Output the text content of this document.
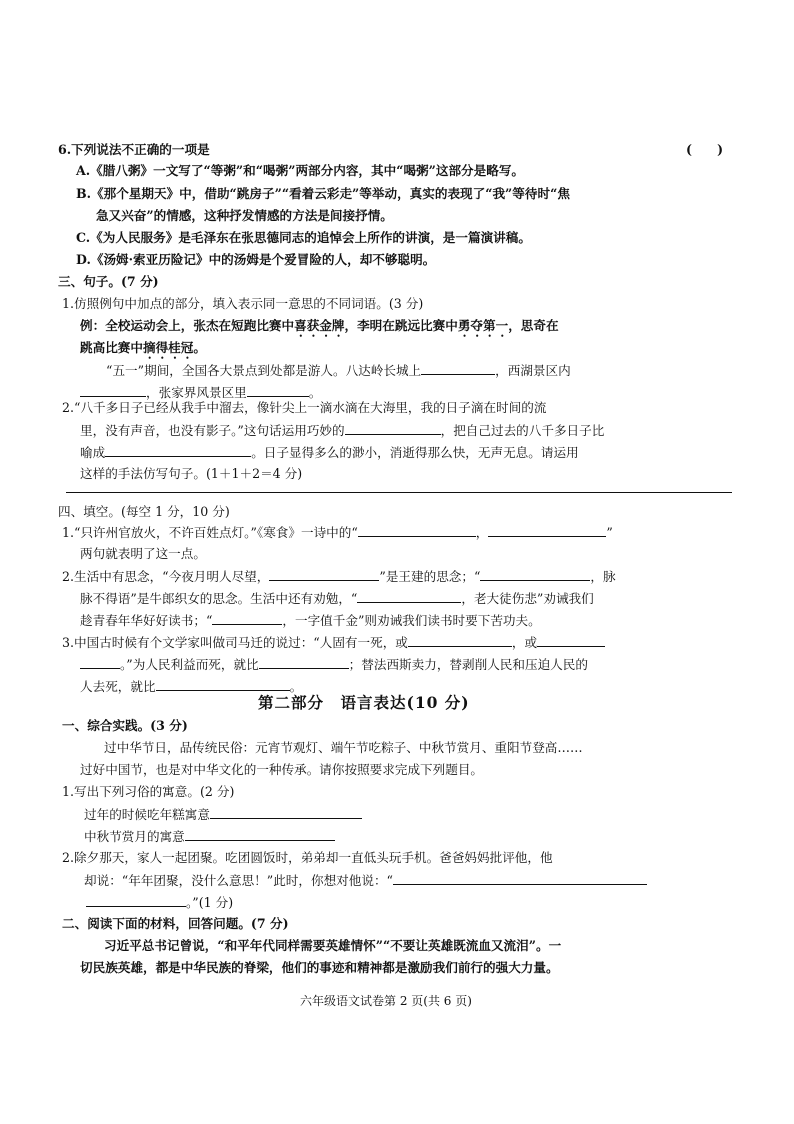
6.下列说法不正确的一项是	(　　)
A.《腊八粥》一文写了“等粥”和“喝粥”两部分内容，其中“喝粥”这部分是略写。
B.《那个星期天》中，借助“跳房子”“看着云彩走”等举动，真实的表现了“我”等待时“焦
急又兴奋”的情感，这种抒发情感的方法是间接抒情。
C.《为人民服务》是毛泽东在张思德同志的追悼会上所作的讲演，是一篇演讲稿。
D.《汤姆·索亚历险记》中的汤姆是个爱冒险的人，却不够聪明。
三、句子。(7 分)
1.仿照例句中加点的部分，填入表示同一意思的不同词语。(3 分)
例：全校运动会上，张杰在短跑比赛中喜获金牌，李明在跳远比赛中勇夺第一，思奇在
跳高比赛中摘得桂冠。
“五一”期间，全国各大景点到处都是游人。八达岭长城上	，西湖景区内
，张家界风景区里	。
2.“八千多日子已经从我手中溜去，像针尖上一滴水滴在大海里，我的日子滴在时间的流
里，没有声音，也没有影子。”这句话运用巧妙的	，把自己过去的八千多日子比
喻成	。日子显得多么的渺小，消逝得那么快，无声无息。请运用
这样的手法仿写句子。(1＋1＋2＝4 分)
四、填空。(每空 1 分，10 分)
1.“只许州官放火，不许百姓点灯。”《寒食》一诗中的“	，	”
两句就表明了这一点。
2.生活中有思念，“今夜月明人尽望，	”是王建的思念；“	，脉
脉不得语”是牛郎织女的思念。生活中还有劝勉，“	，老大徒伤悲”劝诫我们
趁青春年华好好读书；“	，一字值千金”则劝诫我们读书时要下苦功夫。
3.中国古时候有个文学家叫做司马迁的说过：“人固有一死，或	，或
。”为人民利益而死，就比	；替法西斯卖力，替剥削人民和压迫人民的
人去死，就比	。
第二部分　语言表达(10 分)
一、综合实践。(3 分)
过中华节日，品传统民俗：元宵节观灯、端午节吃粽子、中秋节赏月、重阳节登高……
过好中国节，也是对中华文化的一种传承。请你按照要求完成下列题目。
1.写出下列习俗的寓意。(2 分)
过年的时候吃年糕寓意
中秋节赏月的寓意
2.除夕那天，家人一起团聚。吃团圆饭时，弟弟却一直低头玩手机。爸爸妈妈批评他，他
却说：“年年团聚，没什么意思！”此时，你想对他说：“
。”(1 分)
二、阅读下面的材料，回答问题。(7 分)
习近平总书记曾说，“和平年代同样需要英雄情怀”“不要让英雄既流血又流泪”。一
切民族英雄，都是中华民族的脊梁，他们的事迹和精神都是激励我们前行的强大力量。
六年级语文试卷第 2 页(共 6 页)
